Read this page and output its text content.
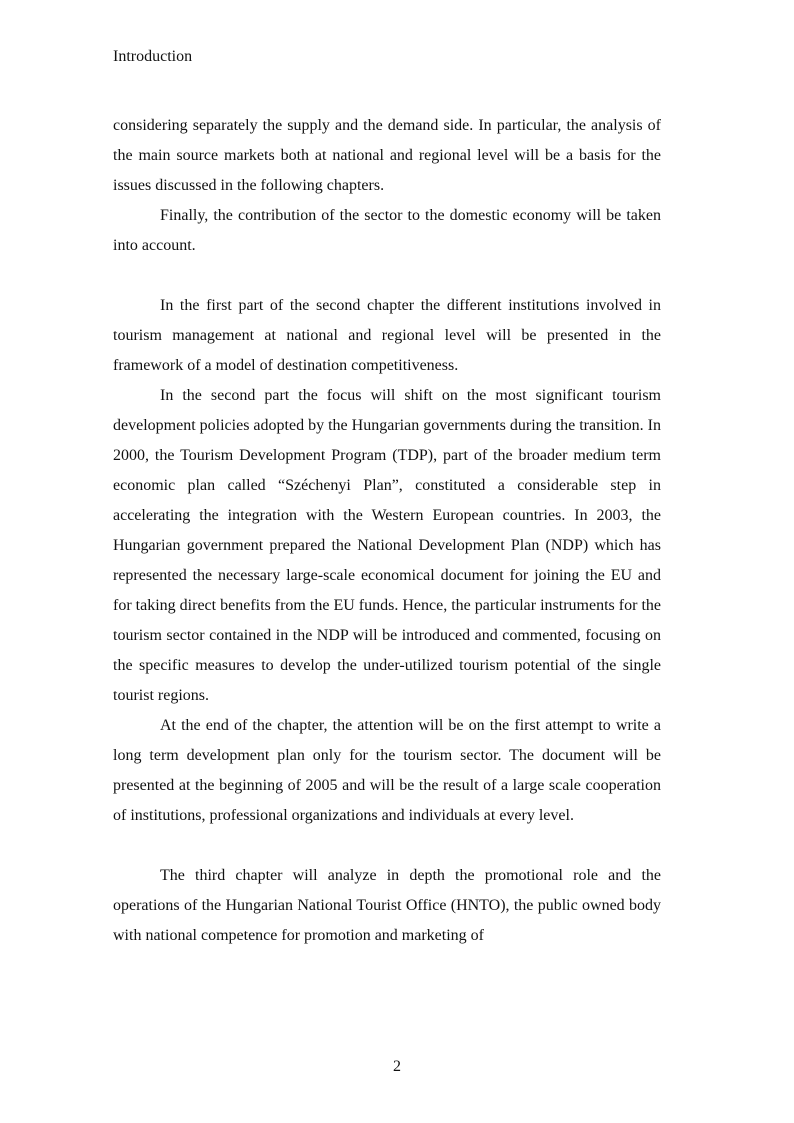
Introduction

considering separately the supply and the demand side. In particular, the analysis of the main source markets both at national and regional level will be a basis for the issues discussed in the following chapters.

Finally, the contribution of the sector to the domestic economy will be taken into account.

In the first part of the second chapter the different institutions involved in tourism management at national and regional level will be presented in the framework of a model of destination competitiveness.

In the second part the focus will shift on the most significant tourism development policies adopted by the Hungarian governments during the transition. In 2000, the Tourism Development Program (TDP), part of the broader medium term economic plan called “Széchenyi Plan”, constituted a considerable step in accelerating the integration with the Western European countries. In 2003, the Hungarian government prepared the National Development Plan (NDP) which has represented the necessary large-scale economical document for joining the EU and for taking direct benefits from the EU funds. Hence, the particular instruments for the tourism sector contained in the NDP will be introduced and commented, focusing on the specific measures to develop the under-utilized tourism potential of the single tourist regions.

At the end of the chapter, the attention will be on the first attempt to write a long term development plan only for the tourism sector. The document will be presented at the beginning of 2005 and will be the result of a large scale cooperation of institutions, professional organizations and individuals at every level.

The third chapter will analyze in depth the promotional role and the operations of the Hungarian National Tourist Office (HNTO), the public owned body with national competence for promotion and marketing of

2
